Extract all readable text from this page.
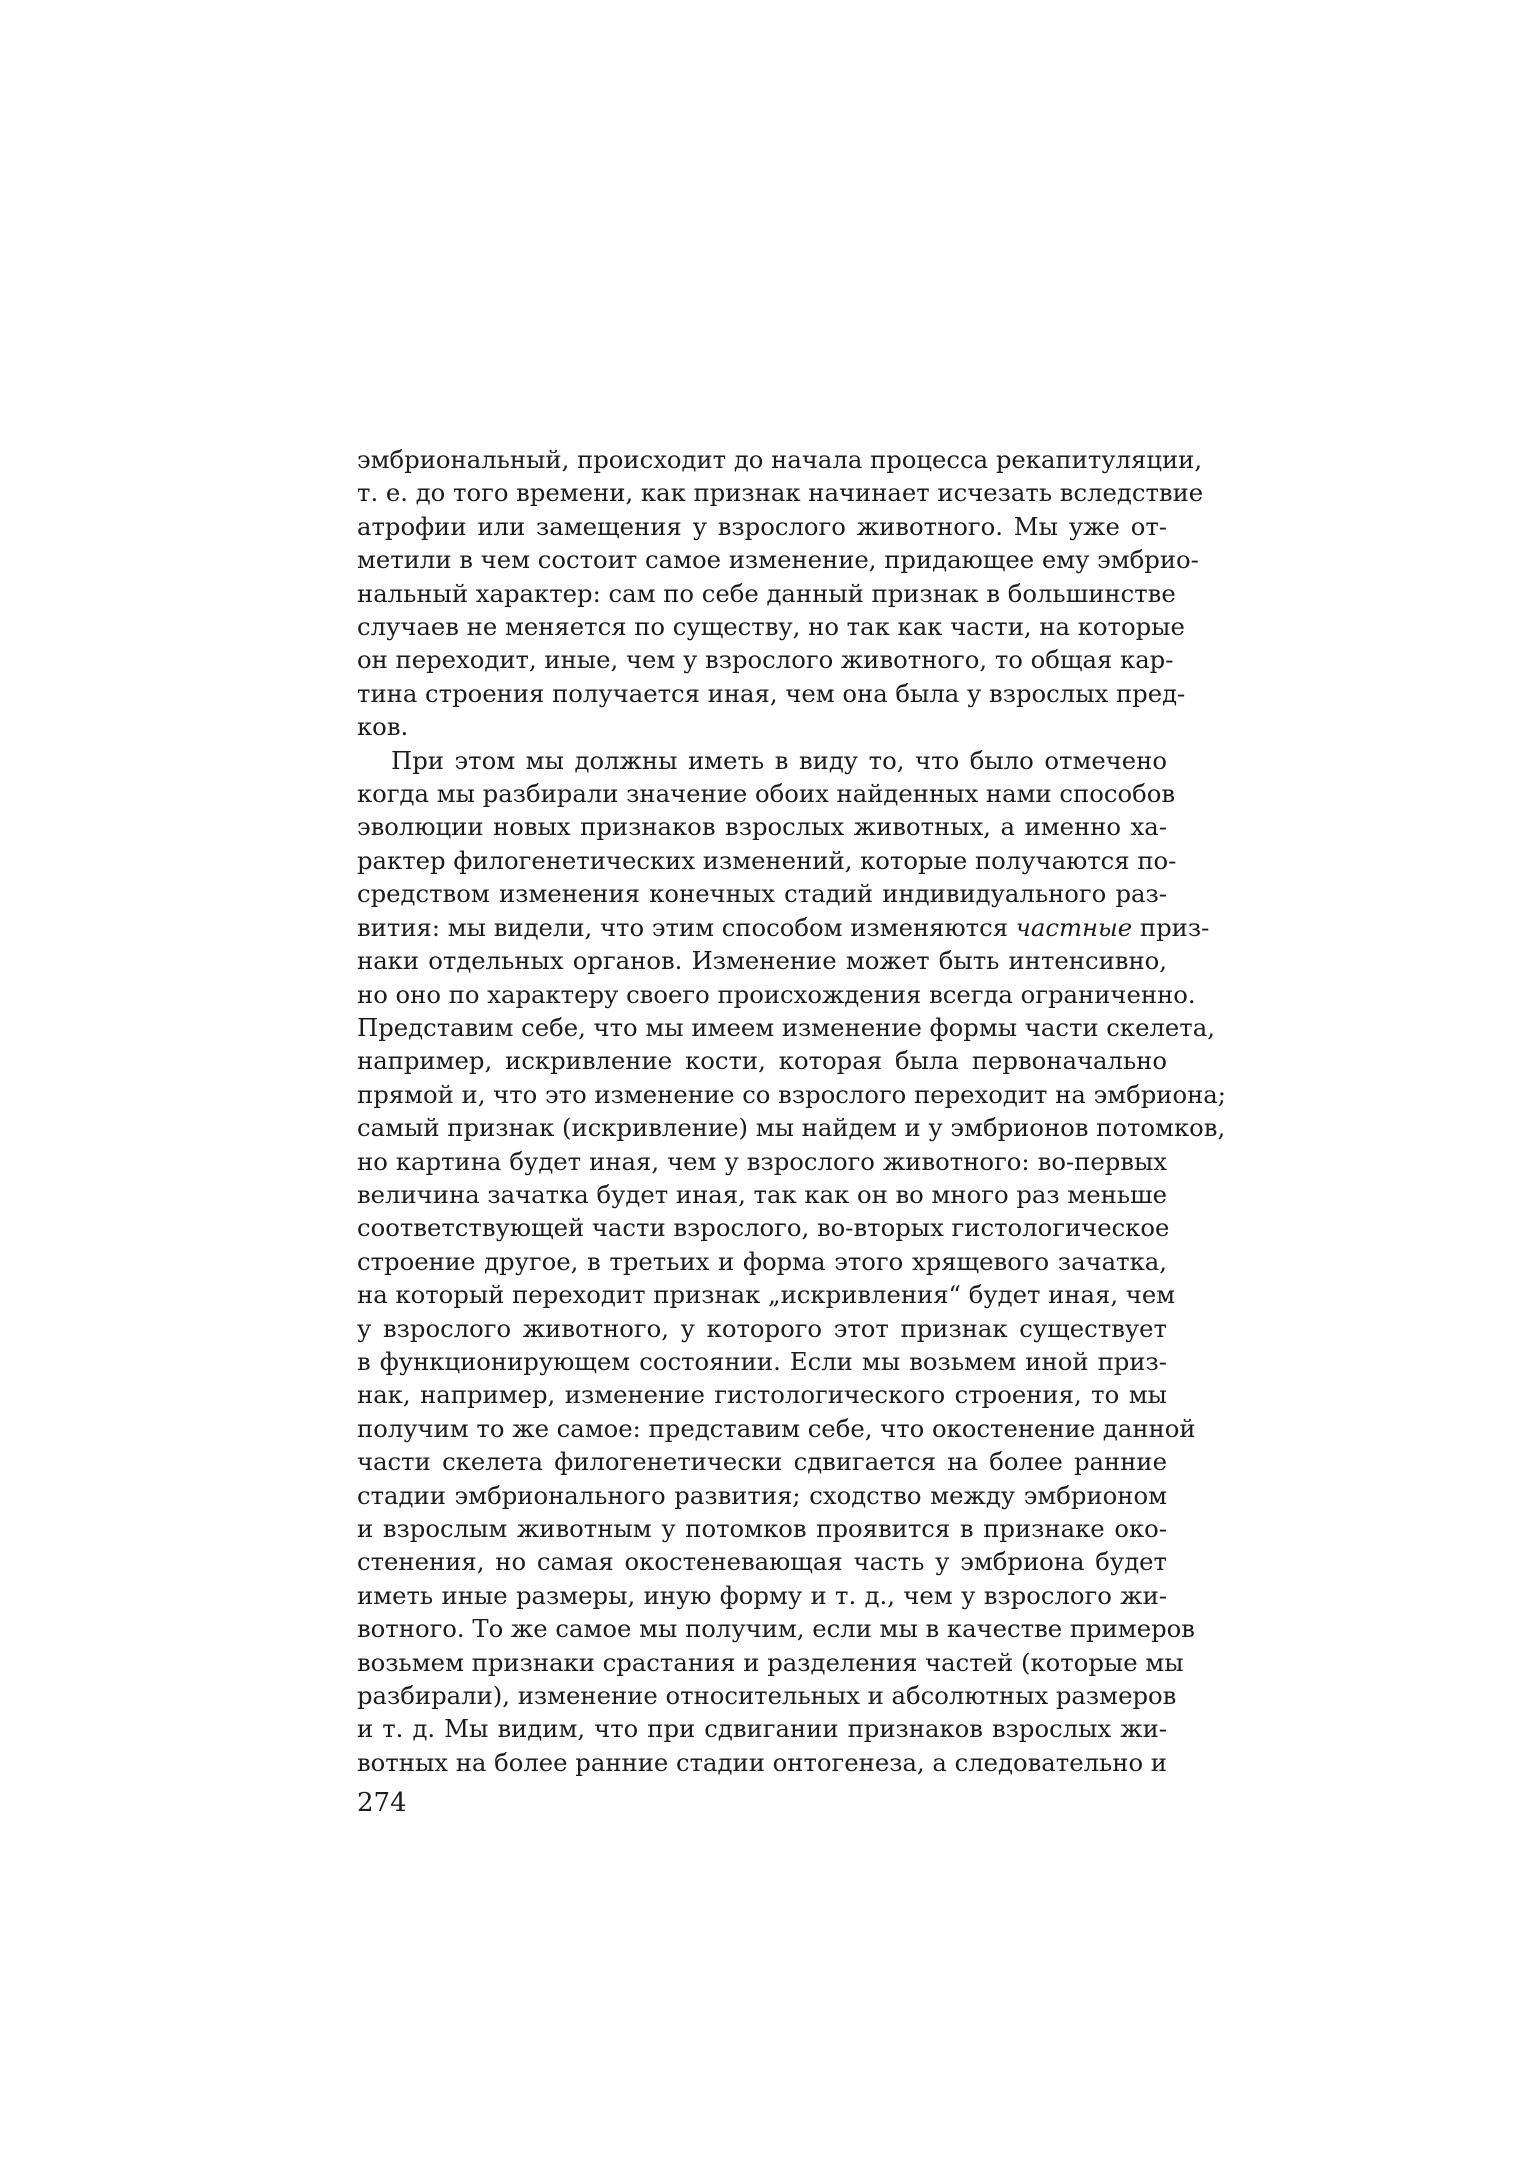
эмбриональный, происходит до начала процесса рекапитуляции,
т. е. до того времени, как признак начинает исчезать вследствие
атрофии или замещения у взрослого животного. Мы уже от-
метили в чем состоит самое изменение, придающее ему эмбрио-
нальный характер: сам по себе данный признак в большинстве
случаев не меняется по существу, но так как части, на которые
он переходит, иные, чем у взрослого животного, то общая кар-
тина строения получается иная, чем она была у взрослых пред-
ков.
При этом мы должны иметь в виду то, что было отмечено
когда мы разбирали значение обоих найденных нами способов
эволюции новых признаков взрослых животных, а именно ха-
рактер филогенетических изменений, которые получаются по-
средством изменения конечных стадий индивидуального раз-
вития: мы видели, что этим способом изменяются частные приз-
наки отдельных органов. Изменение может быть интенсивно,
но оно по характеру своего происхождения всегда ограниченно.
Представим себе, что мы имеем изменение формы части скелета,
например, искривление кости, которая была первоначально
прямой и, что это изменение со взрослого переходит на эмбриона;
самый признак (искривление) мы найдем и у эмбрионов потомков,
но картина будет иная, чем у взрослого животного: во-первых
величина зачатка будет иная, так как он во много раз меньше
соответствующей части взрослого, во-вторых гистологическое
строение другое, в третьих и форма этого хрящевого зачатка,
на который переходит признак „искривления“ будет иная, чем
у взрослого животного, у которого этот признак существует
в функционирующем состоянии. Если мы возьмем иной приз-
нак, например, изменение гистологического строения, то мы
получим то же самое: представим себе, что окостенение данной
части скелета филогенетически сдвигается на более ранние
стадии эмбрионального развития; сходство между эмбрионом
и взрослым животным у потомков проявится в признаке око-
стенения, но самая окостеневающая часть у эмбриона будет
иметь иные размеры, иную форму и т. д., чем у взрослого жи-
вотного. То же самое мы получим, если мы в качестве примеров
возьмем признаки срастания и разделения частей (которые мы
разбирали), изменение относительных и абсолютных размеров
и т. д. Мы видим, что при сдвигании признаков взрослых жи-
вотных на более ранние стадии онтогенеза, а следовательно и
274
